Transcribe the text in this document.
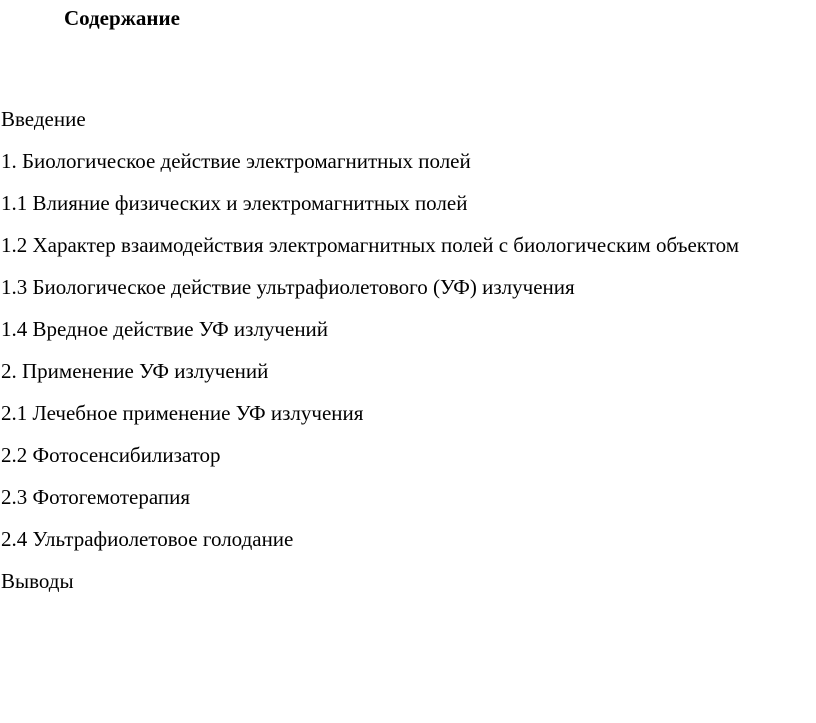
Содержание
Введение
1. Биологическое действие электромагнитных полей
1.1 Влияние физических и электромагнитных полей
1.2 Характер взаимодействия электромагнитных полей с биологическим объектом
1.3 Биологическое действие ультрафиолетового (УФ) излучения
1.4 Вредное действие УФ излучений
2. Применение УФ излучений
2.1 Лечебное применение УФ излучения
2.2 Фотосенсибилизатор
2.3 Фотогемотерапия
2.4 Ультрафиолетовое голодание
Выводы
